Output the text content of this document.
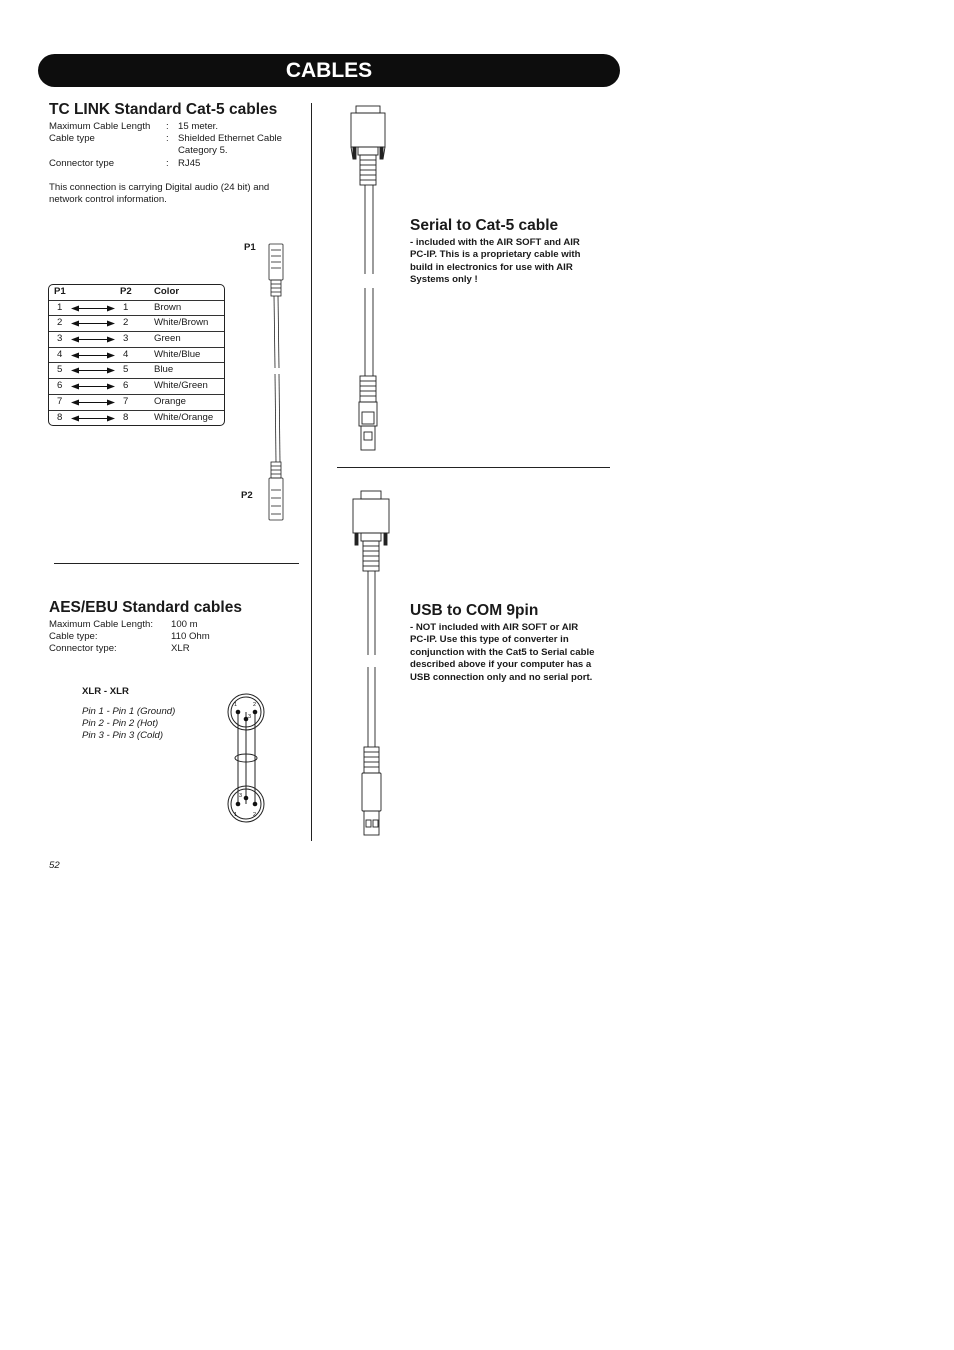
CABLES
TC LINK Standard Cat-5 cables
Maximum Cable Length : 15 meter.
Cable type	: Shielded Ethernet Cable
Category 5.
Connector type	: RJ45
This connection is carrying Digital audio (24 bit) and
network control information.
P1	P2 Color
1	1	Brown
2	2	White/Brown
3	3	Green
4	4	White/Blue
5	5	Blue
6	6	White/Green
7	7	Orange
8	8	White/Orange
P1
P2
AES/EBU Standard cables
Maximum Cable Length: 100 m
Cable type:	110 Ohm
Connector type:	XLR
XLR - XLR
Pin 1 - Pin 1 (Ground)
Pin 2 - Pin 2 (Hot)
Pin 3 - Pin 3 (Cold)
1	2
3
1	2
3
Serial to Cat-5 cable
- included with the AIR SOFT and AIR
PC-IP. This is a proprietary cable with
build in electronics for use with AIR
Systems only !
USB to COM 9pin
- NOT included with AIR SOFT or AIR
PC-IP. Use this type of converter in
conjunction with the Cat5 to Serial cable
described above if your computer has a
USB connection only and no serial port.
52
